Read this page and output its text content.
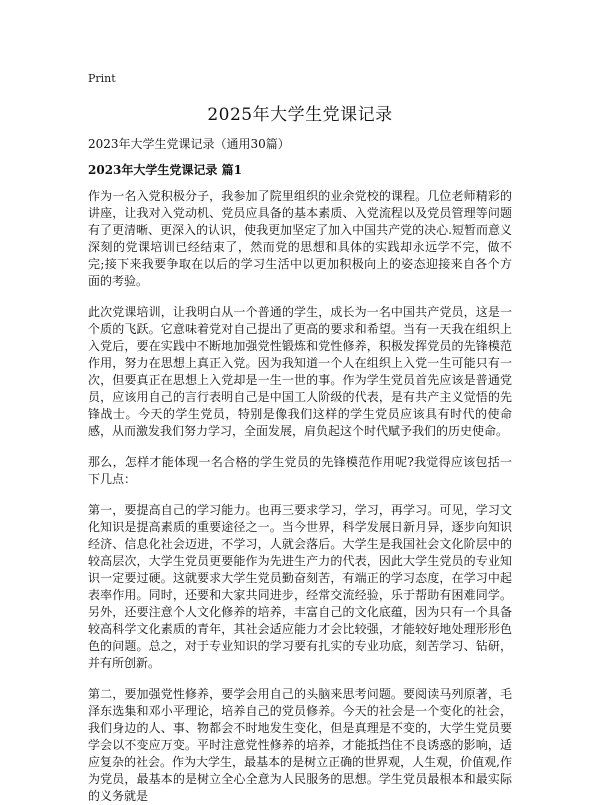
Print
2025年大学生党课记录
2023年大学生党课记录（通用30篇）
2023年大学生党课记录 篇1

作为一名入党积极分子，我参加了院里组织的业余党校的课程。几位老师精彩的讲座，让我对入党动机、党员应具备的基本素质、入党流程以及党员管理等问题有了更清晰、更深入的认识，使我更加坚定了加入中国共产党的决心.短暂而意义深刻的党课培训已经结束了，然而党的思想和具体的实践却永远学不完，做不完;接下来我要争取在以后的学习生活中以更加积极向上的姿态迎接来自各个方面的考验。

此次党课培训，让我明白从一个普通的学生，成长为一名中国共产党员，这是一个质的飞跃。它意味着党对自己提出了更高的要求和希望。当有一天我在组织上入党后，要在实践中不断地加强党性锻炼和党性修养，积极发挥党员的先锋模范作用，努力在思想上真正入党。因为我知道一个人在组织上入党一生可能只有一次，但要真正在思想上入党却是一生一世的事。作为学生党员首先应该是普通党员，应该用自己的言行表明自己是中国工人阶级的代表，是有共产主义觉悟的先锋战士。今天的学生党员，特别是像我们这样的学生党员应该具有时代的使命感，从而激发我们努力学习，全面发展，肩负起这个时代赋予我们的历史使命。

那么，怎样才能体现一名合格的学生党员的先锋模范作用呢?我觉得应该包括一下几点：

第一，要提高自己的学习能力。也再三要求学习，学习，再学习。可见，学习文化知识是提高素质的重要途径之一。当今世界，科学发展日新月异，逐步向知识经济、信息化社会迈进，不学习，人就会落后。大学生是我国社会文化阶层中的较高层次，大学生党员更要能作为先进生产力的代表，因此大学生党员的专业知识一定要过硬。这就要求大学生党员勤奋刻苦，有端正的学习态度，在学习中起表率作用。同时，还要和大家共同进步，经常交流经验，乐于帮助有困难同学。另外，还要注意个人文化修养的培养，丰富自己的文化底蕴，因为只有一个具备较高科学文化素质的青年，其社会适应能力才会比较强，才能较好地处理形形色色的问题。总之，对于专业知识的学习要有扎实的专业功底，刻苦学习、钻研，并有所创新。

第二，要加强党性修养，要学会用自己的头脑来思考问题。要阅读马列原著，毛泽东选集和邓小平理论，培养自己的党员修养。今天的社会是一个变化的社会，我们身边的人、事、物都会不时地发生变化，但是真理是不变的，大学生党员要学会以不变应万变。平时注意党性修养的培养，才能抵挡住不良诱惑的影响，适应复杂的社会。作为大学生，最基本的是树立正确的世界观，人生观，价值观,作为党员，最基本的是树立全心全意为人民服务的思想。学生党员最根本和最实际的义务就是
